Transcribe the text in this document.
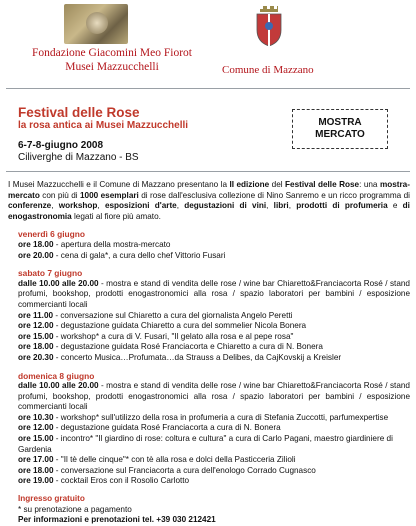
Fondazione Giacomini Meo Fiorot
Musei Mazzucchelli	Comune di Mazzano
Festival delle Rose
la rosa antica ai Musei Mazzucchelli	MOSTRA
MERCATO
6-7-8-giugno 2008
Ciliverghe di Mazzano - BS
I Musei Mazzucchelli e il Comune di Mazzano presentano la II edizione del Festival delle Rose: una mostra-mercato con più di 1000 esemplari di rose dall'esclusiva collezione di Nino Sanremo e un ricco programma di conferenze, workshop, esposizioni d'arte, degustazioni di vini, libri, prodotti di profumeria e di enogastronomia legati al fiore più amato.
venerdì 6 giugno
ore 18.00 - apertura della mostra-mercato
ore 20.00 - cena di gala*, a cura dello chef Vittorio Fusari
sabato 7 giugno
dalle 10.00 alle 20.00 - mostra e stand di vendita delle rose / wine bar Chiaretto&Franciacorta Rosé / stand profumi, bookshop, prodotti enogastronomici alla rosa / spazio laboratori per bambini / esposizione commercianti locali
ore 11.00 - conversazione sul Chiaretto a cura del giornalista Angelo Peretti
ore 12.00 - degustazione guidata Chiaretto a cura del sommelier Nicola Bonera
ore 15.00 - workshop* a cura di V. Fusari, "Il gelato alla rosa e al pepe rosa"
ore 18.00 - degustazione guidata Rosé Franciacorta e Chiaretto a cura di N. Bonera
ore 20.30 - concerto Musica…Profumata…da Strauss a Delibes, da CajKovskij a Kreisler
domenica 8 giugno
dalle 10.00 alle 20.00 - mostra e stand di vendita delle rose / wine bar Chiaretto&Franciacorta Rosé / stand profumi, bookshop, prodotti enogastronomici alla rosa / spazio laboratori per bambini / esposizione commercianti locali
ore 10.30 - workshop* sull'utilizzo della rosa in profumeria a cura di Stefania Zuccotti, parfumexpertise
ore 12.00 - degustazione guidata Rosé Franciacorta a cura di N. Bonera
ore 15.00 - incontro* "Il giardino di rose: coltura e cultura" a cura di Carlo Pagani, maestro giardiniere di Gardenia
ore 17.00 - "Il tè delle cinque"* con tè alla rosa e dolci della Pasticceria Zilioli
ore 18.00 - conversazione sul Franciacorta a cura dell'enologo Corrado Cugnasco
ore 19.00 - cocktail Eros con il Rosolio Carlotto
Ingresso gratuito
* su prenotazione a pagamento
Per informazioni e prenotazioni tel. +39 030 212421
